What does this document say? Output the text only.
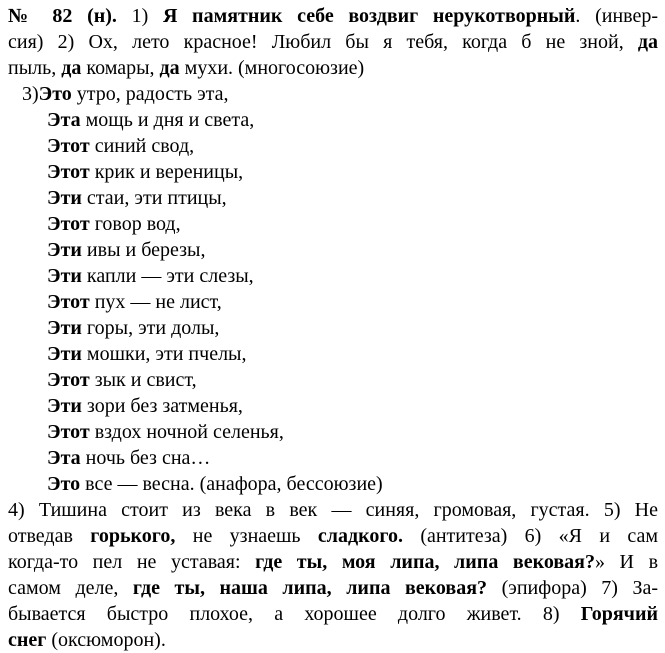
№ 82 (н). 1) Я памятник себе воздвиг нерукотворный. (инвер-
сия) 2) Ох, лето красное! Любил бы я тебя, когда б не зной, да
пыль, да комары, да мухи. (многосоюзие)
3)Это утро, радость эта,
Эта мощь и дня и света,
Этот синий свод,
Этот крик и вереницы,
Эти стаи, эти птицы,
Этот говор вод,
Эти ивы и березы,
Эти капли — эти слезы,
Этот пух — не лист,
Эти горы, эти долы,
Эти мошки, эти пчелы,
Этот зык и свист,
Эти зори без затменья,
Этот вздох ночной селенья,
Эта ночь без сна…
Это все — весна. (анафора, бессоюзие)
4) Тишина стоит из века в век — синяя, громовая, густая. 5) Не
отведав горького, не узнаешь сладкого. (антитеза) 6) «Я и сам
когда-то пел не уставая: где ты, моя липа, липа вековая?» И в
самом деле, где ты, наша липа, липа вековая? (эпифора) 7) За-
бывается быстро плохое, а хорошее долго живет. 8) Горячий
снег (оксюморон).
